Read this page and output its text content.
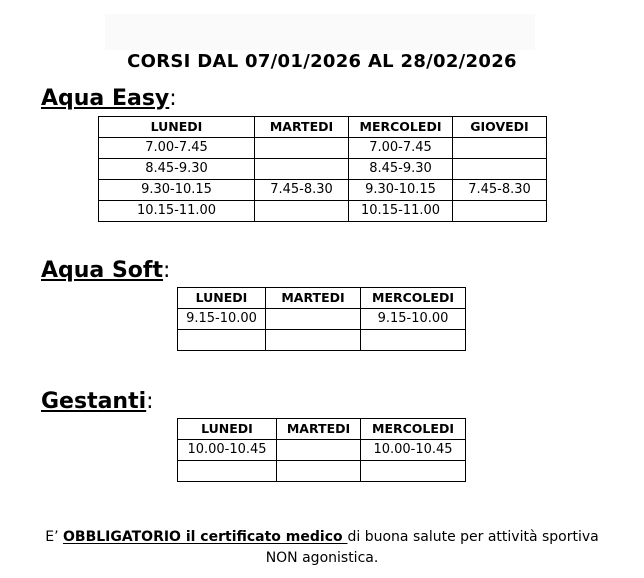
CORSI DAL 07/01/2026 AL 28/02/2026
Aqua Easy:
LUNEDI	MARTEDI	MERCOLEDI	GIOVEDI
7.00-7.45		7.00-7.45	
8.45-9.30		8.45-9.30	
9.30-10.15	7.45-8.30	9.30-10.15	7.45-8.30
10.15-11.00		10.15-11.00	
Aqua Soft:
LUNEDI	MARTEDI	MERCOLEDI
9.15-10.00		9.15-10.00

Gestanti:
LUNEDI	MARTEDI	MERCOLEDI
10.00-10.45		10.00-10.45

E’ OBBLIGATORIO il certificato medico di buona salute per attività sportiva
NON agonistica.
